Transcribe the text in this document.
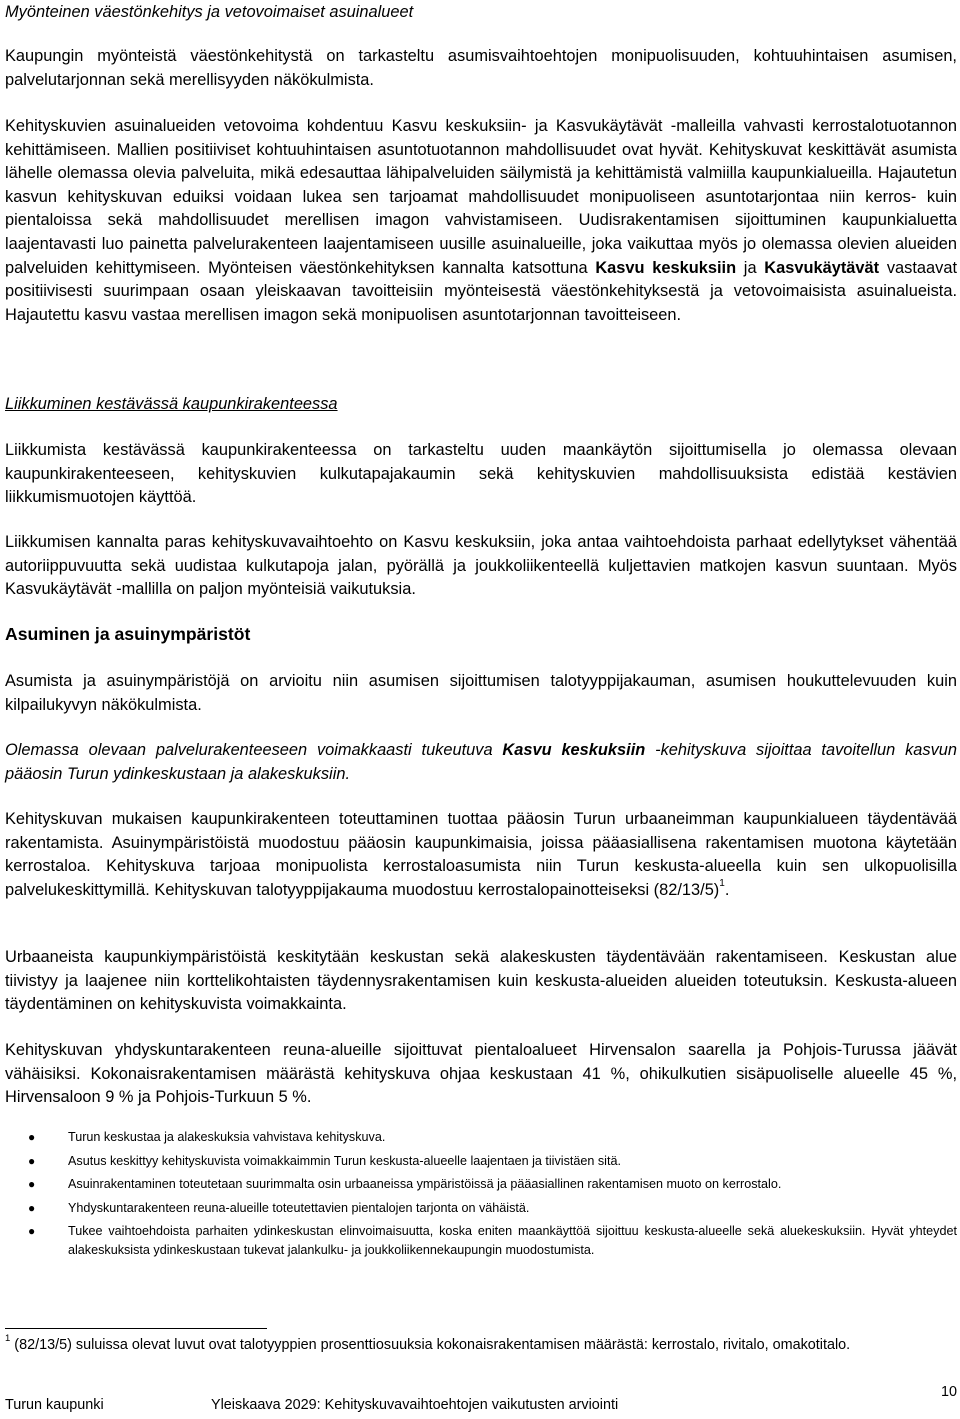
Myönteinen väestönkehitys ja vetovoimaiset asuinalueet

Kaupungin myönteistä väestönkehitystä on tarkasteltu asumisvaihtoehtojen monipuolisuuden, kohtuuhintaisen asumisen, palvelutarjonnan sekä merellisyyden näkökulmista.

Kehityskuvien asuinalueiden vetovoima kohdentuu Kasvu keskuksiin- ja Kasvukäytävät -malleilla vahvasti kerrostalotuotannon kehittämiseen. Mallien positiiviset kohtuuhintaisen asuntotuotannon mahdollisuudet ovat hyvät. Kehityskuvat keskittävät asumista lähelle olemassa olevia palveluita, mikä edesauttaa lähipalveluiden säilymistä ja kehittämistä valmiilla kaupunkialueilla. Hajautetun kasvun kehityskuvan eduiksi voidaan lukea sen tarjoamat mahdollisuudet monipuoliseen asuntotarjontaa niin kerros- kuin pientaloissa sekä mahdollisuudet merellisen imagon vahvistamiseen. Uudisrakentamisen sijoittuminen kaupunkialuetta laajentavasti luo painetta palvelurakenteen laajentamiseen uusille asuinalueille, joka vaikuttaa myös jo olemassa olevien alueiden palveluiden kehittymiseen. Myönteisen väestönkehityksen kannalta katsottuna Kasvu keskuksiin ja Kasvukäytävät vastaavat positiivisesti suurimpaan osaan yleiskaavan tavoitteisiin myönteisestä väestönkehityksestä ja vetovoimaisista asuinalueista. Hajautettu kasvu vastaa merellisen imagon sekä monipuolisen asuntotarjonnan tavoitteiseen.

Liikkuminen kestävässä kaupunkirakenteessa

Liikkumista kestävässä kaupunkirakenteessa on tarkasteltu uuden maankäytön sijoittumisella jo olemassa olevaan kaupunkirakenteeseen, kehityskuvien kulkutapajakaumin sekä kehityskuvien mahdollisuuksista edistää kestävien liikkumismuotojen käyttöä.

Liikkumisen kannalta paras kehityskuvavaihtoehto on Kasvu keskuksiin, joka antaa vaihtoehdoista parhaat edellytykset vähentää autoriippuvuutta sekä uudistaa kulkutapoja jalan, pyörällä ja joukkoliikenteellä kuljettavien matkojen kasvun suuntaan. Myös Kasvukäytävät -mallilla on paljon myönteisiä vaikutuksia.

Asuminen ja asuinympäristöt

Asumista ja asuinympäristöjä on arvioitu niin asumisen sijoittumisen talotyyppijakauman, asumisen houkuttelevuuden kuin kilpailukyvyn näkökulmista.

Olemassa olevaan palvelurakenteeseen voimakkaasti tukeutuva Kasvu keskuksiin -kehityskuva sijoittaa tavoitellun kasvun pääosin Turun ydinkeskustaan ja alakeskuksiin.

Kehityskuvan mukaisen kaupunkirakenteen toteuttaminen tuottaa pääosin Turun urbaaneimman kaupunkialueen täydentävää rakentamista. Asuinympäristöistä muodostuu pääosin kaupunkimaisia, joissa pääasiallisena rakentamisen muotona käytetään kerrostaloa. Kehityskuva tarjoaa monipuolista kerrostaloasumista niin Turun keskusta-alueella kuin sen ulkopuolisilla palvelukeskittymillä. Kehityskuvan talotyyppijakauma muodostuu kerrostalopainotteiseksi (82/13/5)$^1$.

Urbaaneista kaupunkiympäristöistä keskitytään keskustan sekä alakeskusten täydentävään rakentamiseen. Keskustan alue tiivistyy ja laajenee niin korttelikohtaisten täydennysrakentamisen kuin keskusta-alueiden alueiden toteutuksin. Keskusta-alueen täydentäminen on kehityskuvista voimakkainta.

Kehityskuvan yhdyskuntarakenteen reuna-alueille sijoittuvat pientaloalueet Hirvensalon saarella ja Pohjois-Turussa jäävät vähäisiksi. Kokonaisrakentamisen määrästä kehityskuva ohjaa keskustaan 41 %, ohikulkutien sisäpuoliselle alueelle 45 %, Hirvensaloon 9 % ja Pohjois-Turkuun 5 %.

●	Turun keskustaa ja alakeskuksia vahvistava kehityskuva.
●	Asutus keskittyy kehityskuvista voimakkaimmin Turun keskusta-alueelle laajentaen ja tiivistäen sitä.
●	Asuinrakentaminen toteutetaan suurimmalta osin urbaaneissa ympäristöissä ja pääasiallinen rakentamisen muoto on kerrostalo.
●	Yhdyskuntarakenteen reuna-alueille toteutettavien pientalojen tarjonta on vähäistä.
●	Tukee vaihtoehdoista parhaiten ydinkeskustan elinvoimaisuutta, koska eniten maankäyttöä sijoittuu keskusta-alueelle sekä aluekeskuksiin. Hyvät yhteydet alakeskuksista ydinkeskustaan tukevat jalankulku- ja joukkoliikennekaupungin muodostumista.
$^1$ (82/13/5) suluissa olevat luvut ovat talotyyppien prosenttiosuuksia kokonaisrakentamisen määrästä: kerrostalo, rivitalo, omakotitalo.
10
Turun kaupunki	Yleiskaava 2029: Kehityskuvavaihtoehtojen vaikutusten arviointi
